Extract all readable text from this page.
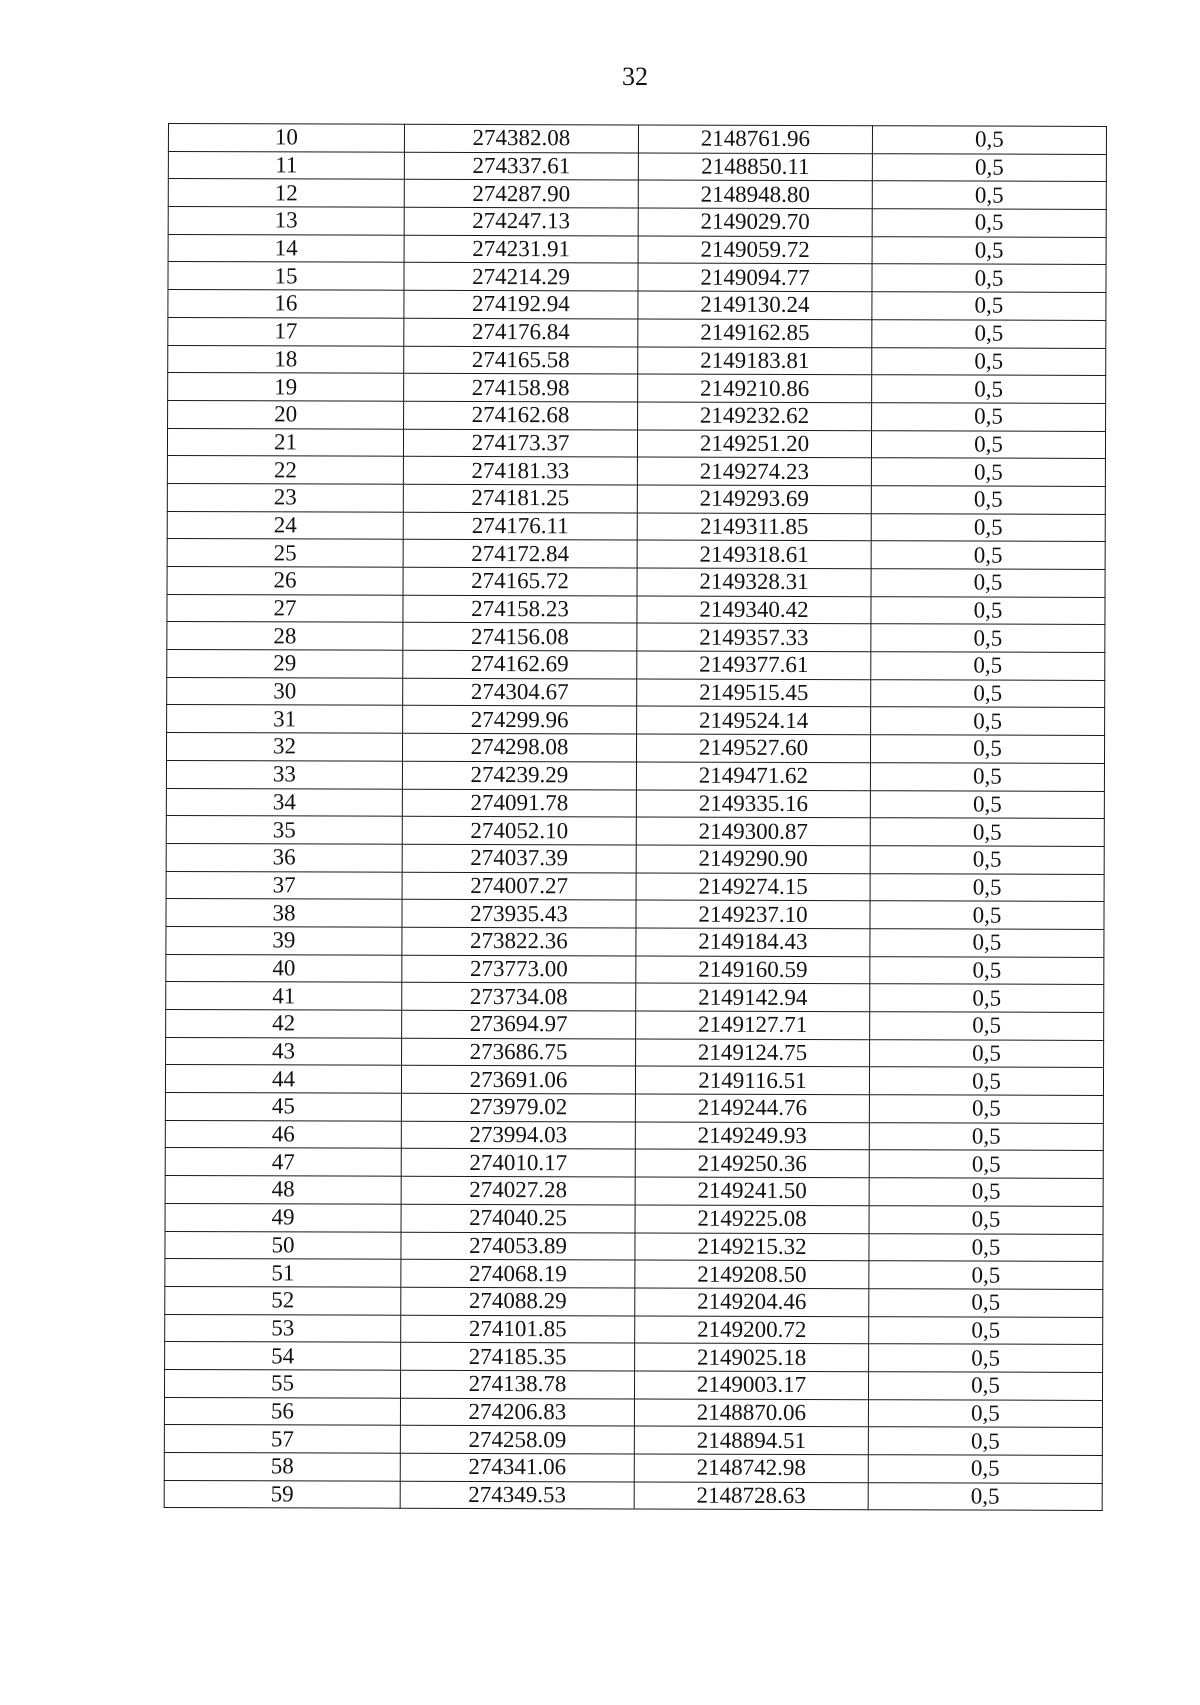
32
10	274382.08	2148761.96	0,5
11	274337.61	2148850.11	0,5
12	274287.90	2148948.80	0,5
13	274247.13	2149029.70	0,5
14	274231.91	2149059.72	0,5
15	274214.29	2149094.77	0,5
16	274192.94	2149130.24	0,5
17	274176.84	2149162.85	0,5
18	274165.58	2149183.81	0,5
19	274158.98	2149210.86	0,5
20	274162.68	2149232.62	0,5
21	274173.37	2149251.20	0,5
22	274181.33	2149274.23	0,5
23	274181.25	2149293.69	0,5
24	274176.11	2149311.85	0,5
25	274172.84	2149318.61	0,5
26	274165.72	2149328.31	0,5
27	274158.23	2149340.42	0,5
28	274156.08	2149357.33	0,5
29	274162.69	2149377.61	0,5
30	274304.67	2149515.45	0,5
31	274299.96	2149524.14	0,5
32	274298.08	2149527.60	0,5
33	274239.29	2149471.62	0,5
34	274091.78	2149335.16	0,5
35	274052.10	2149300.87	0,5
36	274037.39	2149290.90	0,5
37	274007.27	2149274.15	0,5
38	273935.43	2149237.10	0,5
39	273822.36	2149184.43	0,5
40	273773.00	2149160.59	0,5
41	273734.08	2149142.94	0,5
42	273694.97	2149127.71	0,5
43	273686.75	2149124.75	0,5
44	273691.06	2149116.51	0,5
45	273979.02	2149244.76	0,5
46	273994.03	2149249.93	0,5
47	274010.17	2149250.36	0,5
48	274027.28	2149241.50	0,5
49	274040.25	2149225.08	0,5
50	274053.89	2149215.32	0,5
51	274068.19	2149208.50	0,5
52	274088.29	2149204.46	0,5
53	274101.85	2149200.72	0,5
54	274185.35	2149025.18	0,5
55	274138.78	2149003.17	0,5
56	274206.83	2148870.06	0,5
57	274258.09	2148894.51	0,5
58	274341.06	2148742.98	0,5
59	274349.53	2148728.63	0,5
